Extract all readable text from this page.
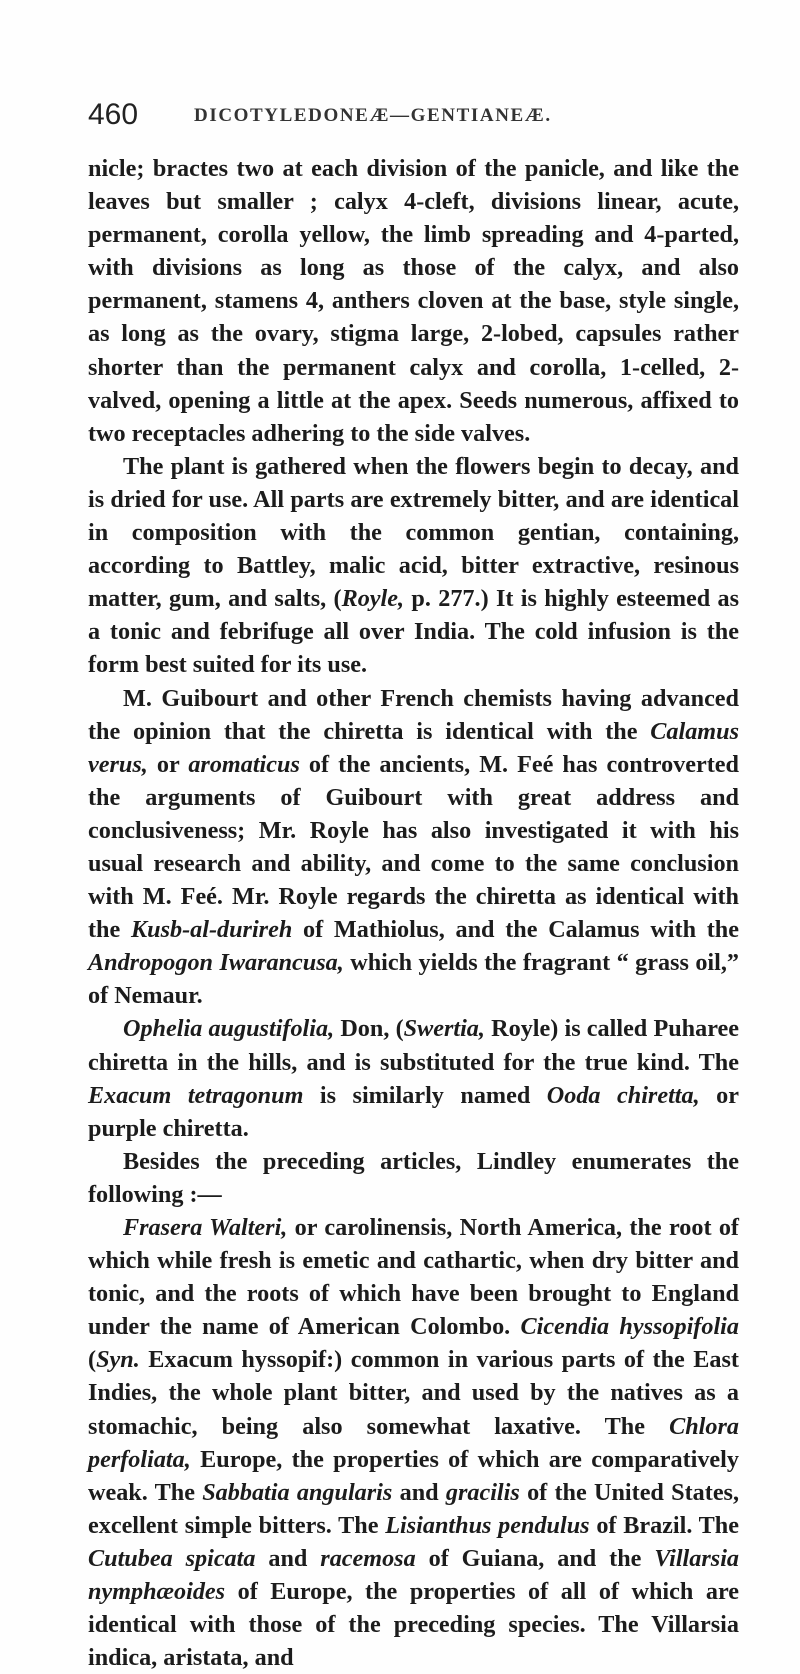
460	DICOTYLEDONEÆ—GENTIANEÆ.

nicle; bractes two at each division of the panicle, and like the leaves but smaller ; calyx 4-cleft, divisions linear, acute, permanent, corolla yellow, the limb spreading and 4-parted, with divisions as long as those of the calyx, and also permanent, stamens 4, anthers cloven at the base, style single, as long as the ovary, stigma large, 2-lobed, capsules rather shorter than the permanent calyx and corolla, 1-celled, 2-valved, opening a little at the apex. Seeds numerous, affixed to two receptacles adhering to the side valves.

The plant is gathered when the flowers begin to decay, and is dried for use. All parts are extremely bitter, and are identical in composition with the common gentian, containing, according to Battley, malic acid, bitter extractive, resinous matter, gum, and salts, (Royle, p. 277.) It is highly esteemed as a tonic and febrifuge all over India. The cold infusion is the form best suited for its use.

M. Guibourt and other French chemists having advanced the opinion that the chiretta is identical with the Calamus verus, or aromaticus of the ancients, M. Feé has controverted the arguments of Guibourt with great address and conclusiveness; Mr. Royle has also investigated it with his usual research and ability, and come to the same conclusion with M. Feé. Mr. Royle regards the chiretta as identical with the Kusb-al-durireh of Mathiolus, and the Calamus with the Andropogon Iwarancusa, which yields the fragrant “ grass oil,” of Nemaur.

Ophelia augustifolia, Don, (Swertia, Royle) is called Puharee chiretta in the hills, and is substituted for the true kind. The Exacum tetragonum is similarly named Ooda chiretta, or purple chiretta.

Besides the preceding articles, Lindley enumerates the following :—

Frasera Walteri, or carolinensis, North America, the root of which while fresh is emetic and cathartic, when dry bitter and tonic, and the roots of which have been brought to England under the name of American Colombo. Cicendia hyssopifolia (Syn. Exacum hyssopif:) common in various parts of the East Indies, the whole plant bitter, and used by the natives as a stomachic, being also somewhat laxative. The Chlora perfoliata, Europe, the properties of which are comparatively weak. The Sabbatia angularis and gracilis of the United States, excellent simple bitters. The Lisianthus pendulus of Brazil. The Cutubea spicata and racemosa of Guiana, and the Villarsia nymphæoides of Europe, the properties of all of which are identical with those of the preceding species. The Villarsia indica, aristata, and
